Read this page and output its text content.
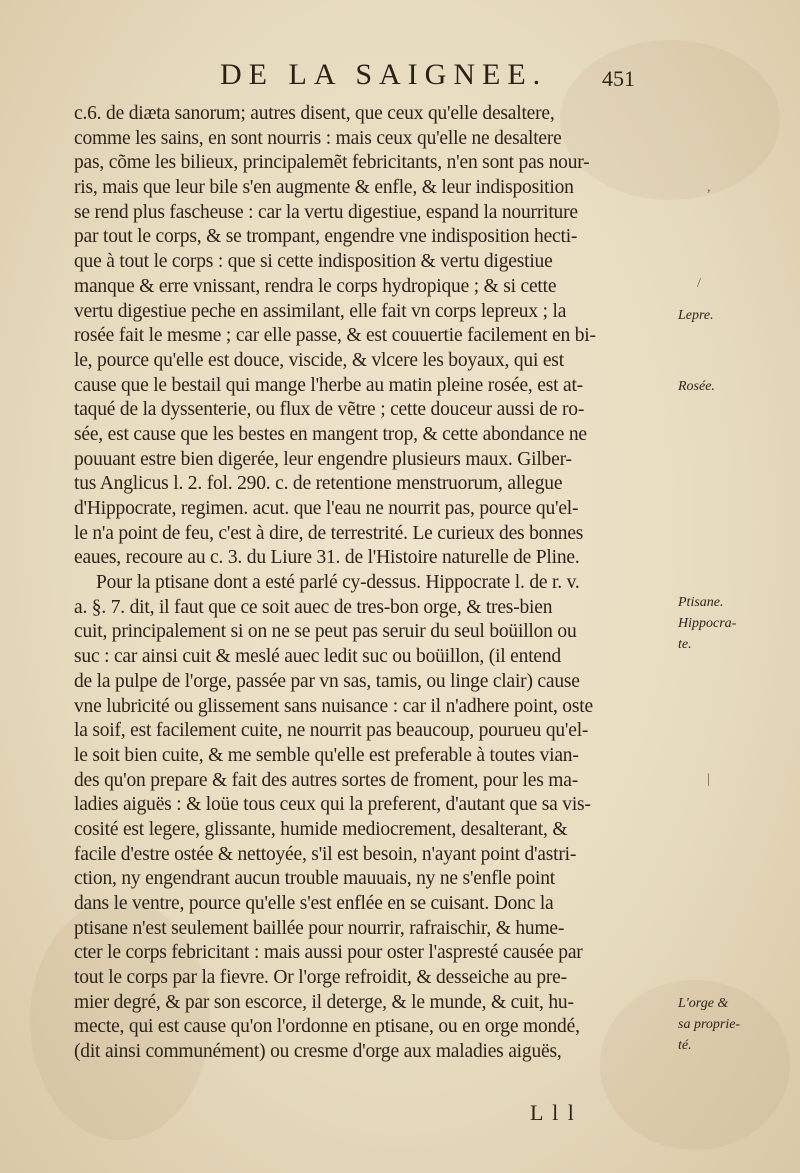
DE LA SAIGNEE. 451
c.6. de diæta sanorum; autres disent, que ceux qu'elle desaltere,
comme les sains, en sont nourris : mais ceux qu'elle ne desaltere
pas, cõme les bilieux, principalemẽt febricitants, n'en sont pas nour-
ris, mais que leur bile s'en augmente & enfle, & leur indisposition
se rend plus fascheuse : car la vertu digestiue, espand la nourriture
par tout le corps, & se trompant, engendre vne indisposition hecti-
que à tout le corps : que si cette indisposition & vertu digestiue
manque & erre vnissant, rendra le corps hydropique ; & si cette
vertu digestiue peche en assimilant, elle fait vn corps lepreux ; la
rosée fait le mesme ; car elle passe, & est couuertie facilement en bi-
le, pource qu'elle est douce, viscide, & vlcere les boyaux, qui est
cause que le bestail qui mange l'herbe au matin pleine rosée, est at-
taqué de la dyssenterie, ou flux de vẽtre ; cette douceur aussi de ro-
sée, est cause que les bestes en mangent trop, & cette abondance ne
pouuant estre bien digerée, leur engendre plusieurs maux. Gilber-
tus Anglicus l. 2. fol. 290. c. de retentione menstruorum, allegue
d'Hippocrate, regimen. acut. que l'eau ne nourrit pas, pource qu'el-
le n'a point de feu, c'est à dire, de terrestrité. Le curieux des bonnes
eaues, recoure au c. 3. du Liure 31. de l'Histoire naturelle de Pline.
Pour la ptisane dont a esté parlé cy-dessus. Hippocrate l. de r. v.
a. §. 7. dit, il faut que ce soit auec de tres-bon orge, & tres-bien
cuit, principalement si on ne se peut pas seruir du seul boüillon ou
suc : car ainsi cuit & meslé auec ledit suc ou boüillon, (il entend
de la pulpe de l'orge, passée par vn sas, tamis, ou linge clair) cause
vne lubricité ou glissement sans nuisance : car il n'adhere point, oste
la soif, est facilement cuite, ne nourrit pas beaucoup, pourueu qu'el-
le soit bien cuite, & me semble qu'elle est preferable à toutes vian-
des qu'on prepare & fait des autres sortes de froment, pour les ma-
ladies aiguës : & loüe tous ceux qui la preferent, d'autant que sa vis-
cosité est legere, glissante, humide mediocrement, desalterant, &
facile d'estre ostée & nettoyée, s'il est besoin, n'ayant point d'astri-
ction, ny engendrant aucun trouble mauuais, ny ne s'enfle point
dans le ventre, pource qu'elle s'est enflée en se cuisant. Donc la
ptisane n'est seulement baillée pour nourrir, rafraischir, & hume-
cter le corps febricitant : mais aussi pour oster l'aspresté causée par
tout le corps par la fievre. Or l'orge refroidit, & desseiche au pre-
mier degré, & par son escorce, il deterge, & le munde, & cuit, hu-
mecte, qui est cause qu'on l'ordonne en ptisane, ou en orge mondé,
(dit ainsi communément) ou cresme d'orge aux maladies aiguës,
Lepre.
Rosée.
Ptisane.
Hippocra-
te.
L'orge &
sa proprie-
té.
,
/
|
L l l
